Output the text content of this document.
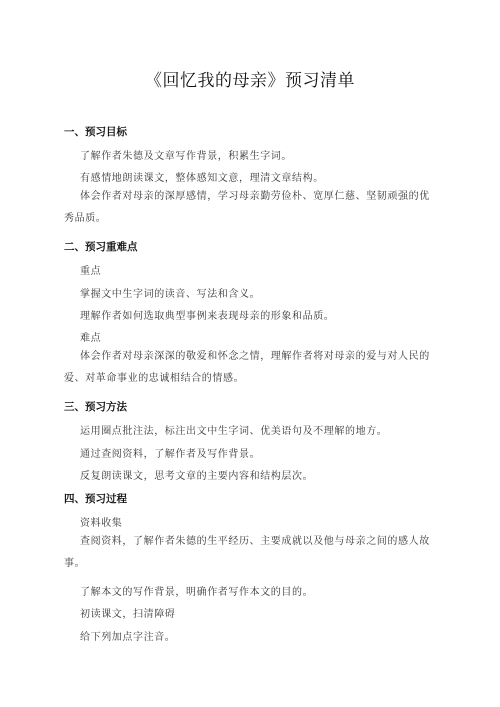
《回忆我的母亲》预习清单
一、预习目标
了解作者朱德及文章写作背景，积累生字词。
有感情地朗读课文，整体感知文意，理清文章结构。
体会作者对母亲的深厚感情，学习母亲勤劳俭朴、宽厚仁慈、坚韧顽强的优秀品质。
二、预习重难点
重点
掌握文中生字词的读音、写法和含义。
理解作者如何选取典型事例来表现母亲的形象和品质。
难点
体会作者对母亲深深的敬爱和怀念之情，理解作者将对母亲的爱与对人民的爱、对革命事业的忠诚相结合的情感。
三、预习方法
运用圈点批注法，标注出文中生字词、优美语句及不理解的地方。
通过查阅资料，了解作者及写作背景。
反复朗读课文，思考文章的主要内容和结构层次。
四、预习过程
资料收集
查阅资料，了解作者朱德的生平经历、主要成就以及他与母亲之间的感人故事。
了解本文的写作背景，明确作者写作本文的目的。
初读课文，扫清障碍
给下列加点字注音。
